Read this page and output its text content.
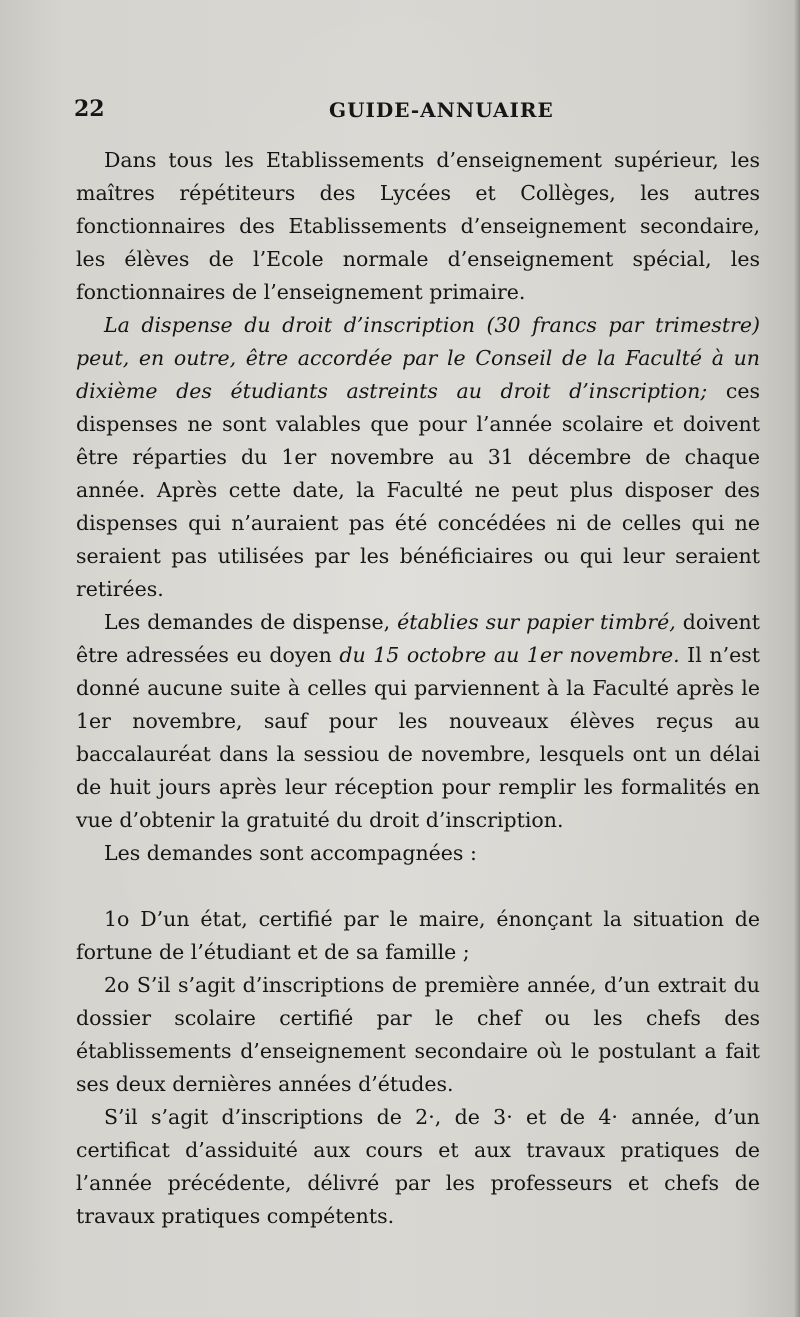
22	GUIDE-ANNUAIRE

Dans tous les Etablissements d’enseignement supérieur, les maîtres répétiteurs des Lycées et Collèges, les autres fonctionnaires des Etablissements d’enseignement secondaire, les élèves de l’Ecole normale d’enseignement spécial, les fonctionnaires de l’enseignement primaire.

La dispense du droit d’inscription (30 francs par trimestre) peut, en outre, être accordée par le Conseil de la Faculté à un dixième des étudiants astreints au droit d’inscription; ces dispenses ne sont valables que pour l’année scolaire et doivent être réparties du 1er novembre au 31 décembre de chaque année. Après cette date, la Faculté ne peut plus disposer des dispenses qui n’auraient pas été concédées ni de celles qui ne seraient pas utilisées par les bénéficiaires ou qui leur seraient retirées.

Les demandes de dispense, établies sur papier timbré, doivent être adressées eu doyen du 15 octobre au 1er novembre. Il n’est donné aucune suite à celles qui parviennent à la Faculté après le 1er novembre, sauf pour les nouveaux élèves reçus au baccalauréat dans la sessiou de novembre, lesquels ont un délai de huit jours après leur réception pour remplir les formalités en vue d’obtenir la gratuité du droit d’inscription.

Les demandes sont accompagnées :

1o D’un état, certifié par le maire, énonçant la situation de fortune de l’étudiant et de sa famille ;

2o S’il s’agit d’inscriptions de première année, d’un extrait du dossier scolaire certifié par le chef ou les chefs des établissements d’enseignement secondaire où le postulant a fait ses deux dernières années d’études.

S’il s’agit d’inscriptions de 2·, de 3· et de 4· année, d’un certificat d’assiduité aux cours et aux travaux pratiques de l’année précédente, délivré par les professeurs et chefs de travaux pratiques compétents.
